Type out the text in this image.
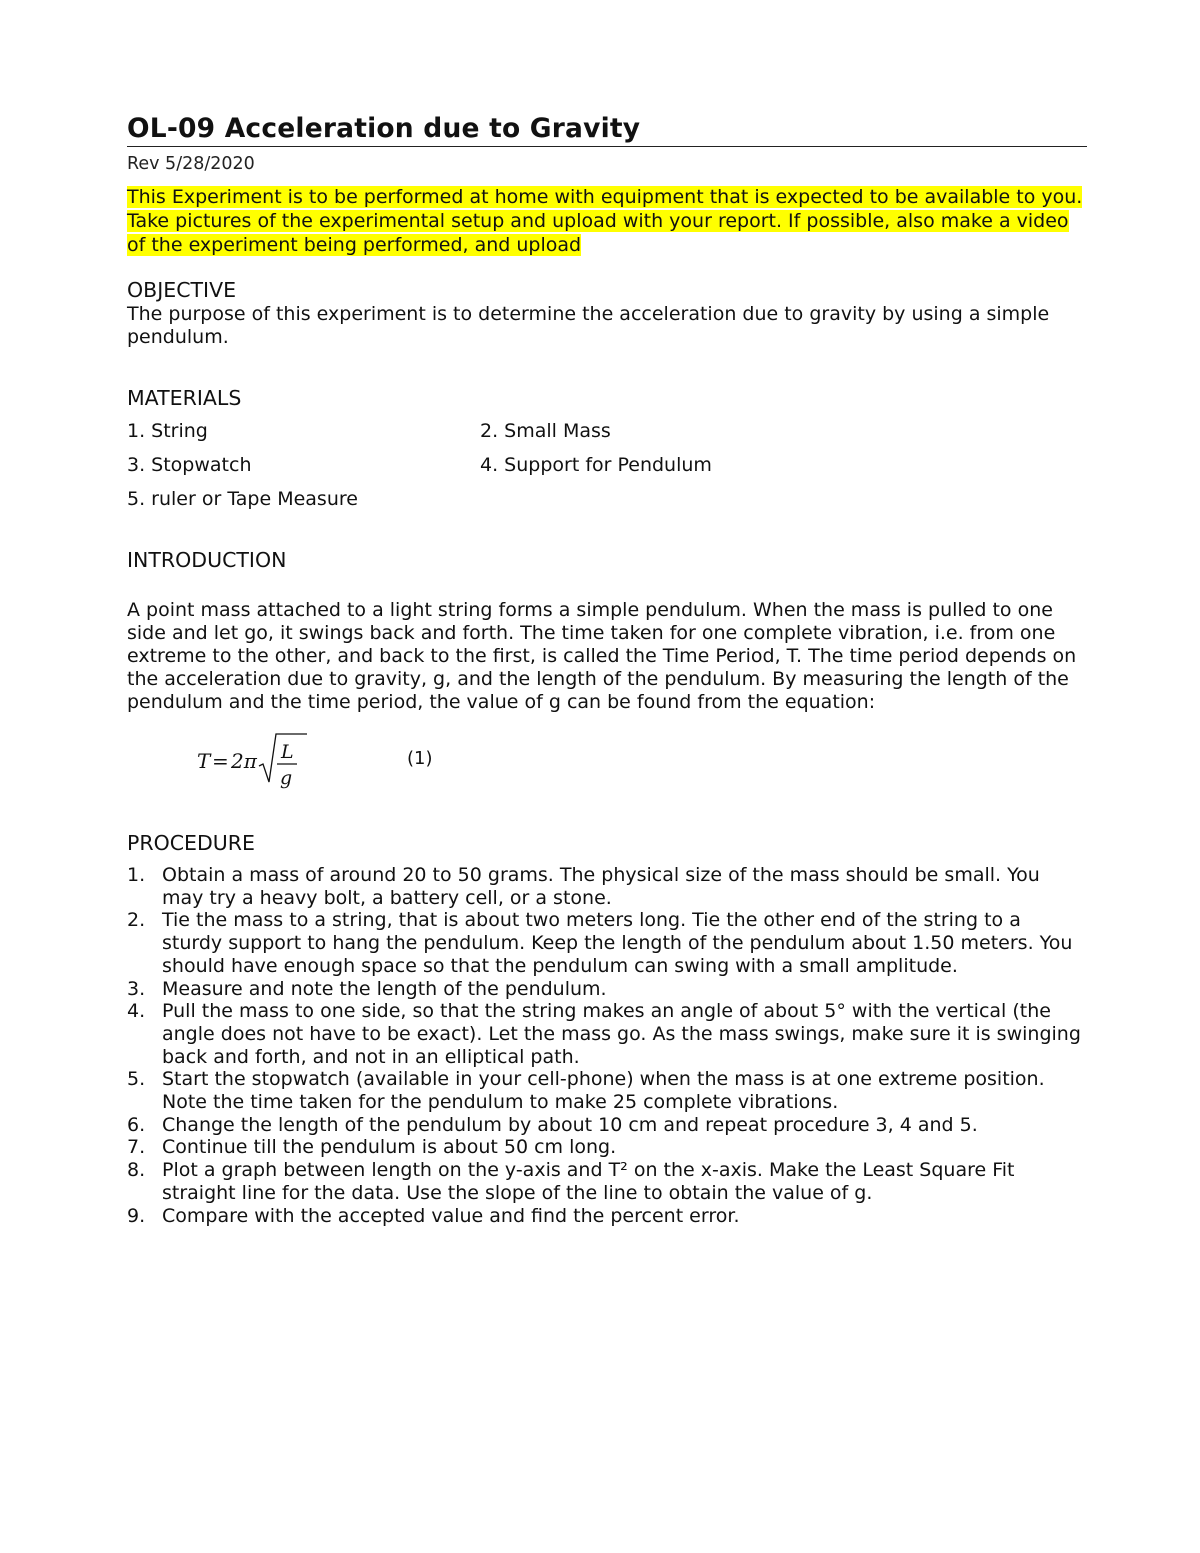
OL-09 Acceleration due to Gravity

Rev 5/28/2020

This Experiment is to be performed at home with equipment that is expected to be available to you. Take pictures of the experimental setup and upload with your report. If possible, also make a video of the experiment being performed, and upload

OBJECTIVE

The purpose of this experiment is to determine the acceleration due to gravity by using a simple pendulum.

MATERIALS
1. String	2. Small Mass
3. Stopwatch	4. Support for Pendulum
5. ruler or Tape Measure
INTRODUCTION

A point mass attached to a light string forms a simple pendulum. When the mass is pulled to one side and let go, it swings back and forth. The time taken for one complete vibration, i.e. from one extreme to the other, and back to the first, is called the Time Period, T. The time period depends on the acceleration due to gravity, g, and the length of the pendulum. By measuring the length of the pendulum and the time period, the value of g can be found from the equation:

T = 2π L
g
(1)
PROCEDURE
1. Obtain a mass of around 20 to 50 grams. The physical size of the mass should be small. You may try a heavy bolt, a battery cell, or a stone.
2. Tie the mass to a string, that is about two meters long. Tie the other end of the string to a sturdy support to hang the pendulum. Keep the length of the pendulum about 1.50 meters. You should have enough space so that the pendulum can swing with a small amplitude.
3. Measure and note the length of the pendulum.
4. Pull the mass to one side, so that the string makes an angle of about 5° with the vertical (the angle does not have to be exact). Let the mass go. As the mass swings, make sure it is swinging back and forth, and not in an elliptical path.
5. Start the stopwatch (available in your cell-phone) when the mass is at one extreme position. Note the time taken for the pendulum to make 25 complete vibrations.
6. Change the length of the pendulum by about 10 cm and repeat procedure 3, 4 and 5.
7. Continue till the pendulum is about 50 cm long.
8. Plot a graph between length on the y-axis and T² on the x-axis. Make the Least Square Fit straight line for the data. Use the slope of the line to obtain the value of g.
9. Compare with the accepted value and find the percent error.
